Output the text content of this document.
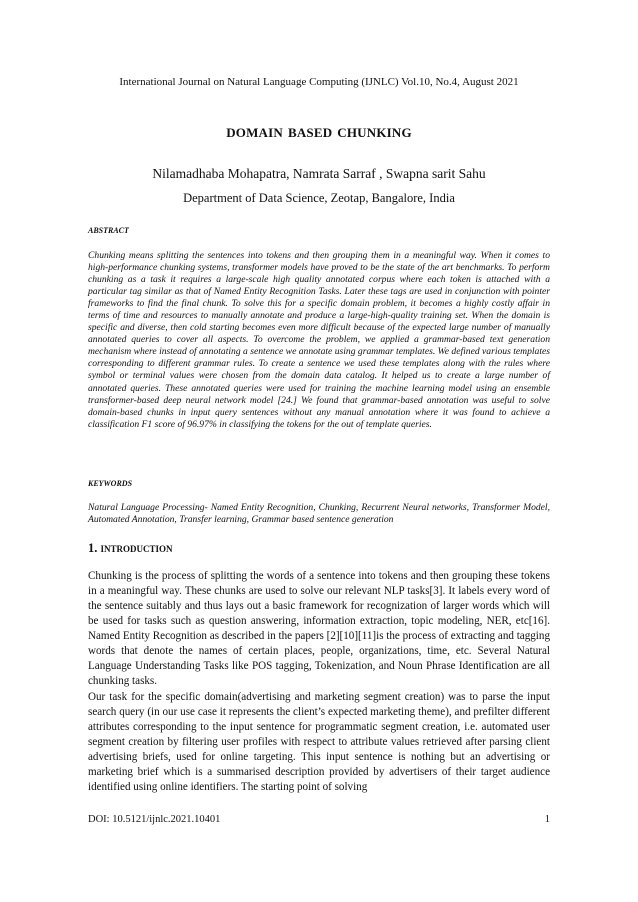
International Journal on Natural Language Computing (IJNLC) Vol.10, No.4, August 2021
domain based chunking
Nilamadhaba Mohapatra, Namrata Sarraf , Swapna sarit Sahu
Department of Data Science, Zeotap, Bangalore, India
abstract

Chunking means splitting the sentences into tokens and then grouping them in a meaningful way. When it comes to high-performance chunking systems, transformer models have proved to be the state of the art benchmarks. To perform chunking as a task it requires a large-scale high quality annotated corpus where each token is attached with a particular tag similar as that of Named Entity Recognition Tasks. Later these tags are used in conjunction with pointer frameworks to find the final chunk. To solve this for a specific domain problem, it becomes a highly costly affair in terms of time and resources to manually annotate and produce a large-high-quality training set. When the domain is specific and diverse, then cold starting becomes even more difficult because of the expected large number of manually annotated queries to cover all aspects. To overcome the problem, we applied a grammar-based text generation mechanism where instead of annotating a sentence we annotate using grammar templates. We defined various templates corresponding to different grammar rules. To create a sentence we used these templates along with the rules where symbol or terminal values were chosen from the domain data catalog. It helped us to create a large number of annotated queries. These annotated queries were used for training the machine learning model using an ensemble transformer-based deep neural network model [24.] We found that grammar-based annotation was useful to solve domain-based chunks in input query sentences without any manual annotation where it was found to achieve a classification F1 score of 96.97% in classifying the tokens for the out of template queries.

keywords

Natural Language Processing- Named Entity Recognition, Chunking, Recurrent Neural networks, Transformer Model, Automated Annotation, Transfer learning, Grammar based sentence generation

1. introduction

Chunking is the process of splitting the words of a sentence into tokens and then grouping these tokens in a meaningful way. These chunks are used to solve our relevant NLP tasks[3]. It labels every word of the sentence suitably and thus lays out a basic framework for recognization of larger words which will be used for tasks such as question answering, information extraction, topic modeling, NER, etc[16]. Named Entity Recognition as described in the papers [2][10][11]is the process of extracting and tagging words that denote the names of certain places, people, organizations, time, etc. Several Natural Language Understanding Tasks like POS tagging, Tokenization, and Noun Phrase Identification are all chunking tasks.

Our task for the specific domain(advertising and marketing segment creation) was to parse the input search query (in our use case it represents the client’s expected marketing theme), and prefilter different attributes corresponding to the input sentence for programmatic segment creation, i.e. automated user segment creation by filtering user profiles with respect to attribute values retrieved after parsing client advertising briefs, used for online targeting. This input sentence is nothing but an advertising or marketing brief which is a summarised description provided by advertisers of their target audience identified using online identifiers. The starting point of solving

DOI: 10.5121/ijnlc.2021.10401	1
